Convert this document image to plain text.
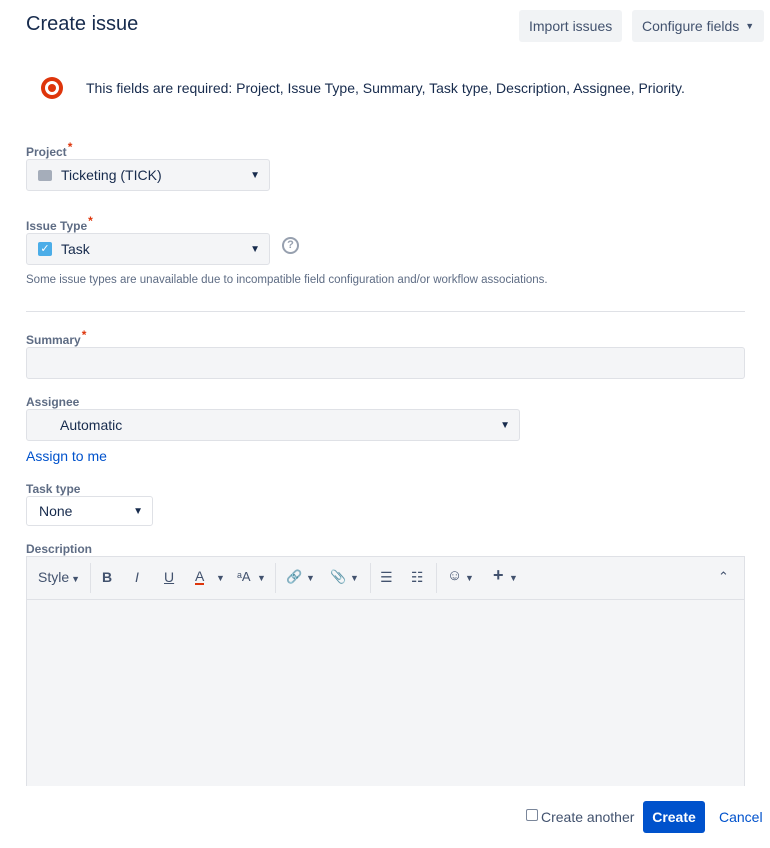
Create issue	Import issues Configure fields ▼
This fields are required: Project, Issue Type, Summary, Task type, Description, Assignee, Priority.
Project*
Ticketing (TICK)	▼
Issue Type*
✓ Task	▼	?
Some issue types are unavailable due to incompatible field configuration and/or workflow associations.
Summary*
Assignee
Automatic	▼
Assign to me
Task type
None	▼
Description
Style ▼ B I U A ▼ ᵃA ▼ 🔗 ▼ 📎 ▼ ☰ ☷ ☺ ▼ + ▼	⌃
Create another	Create	Cancel
